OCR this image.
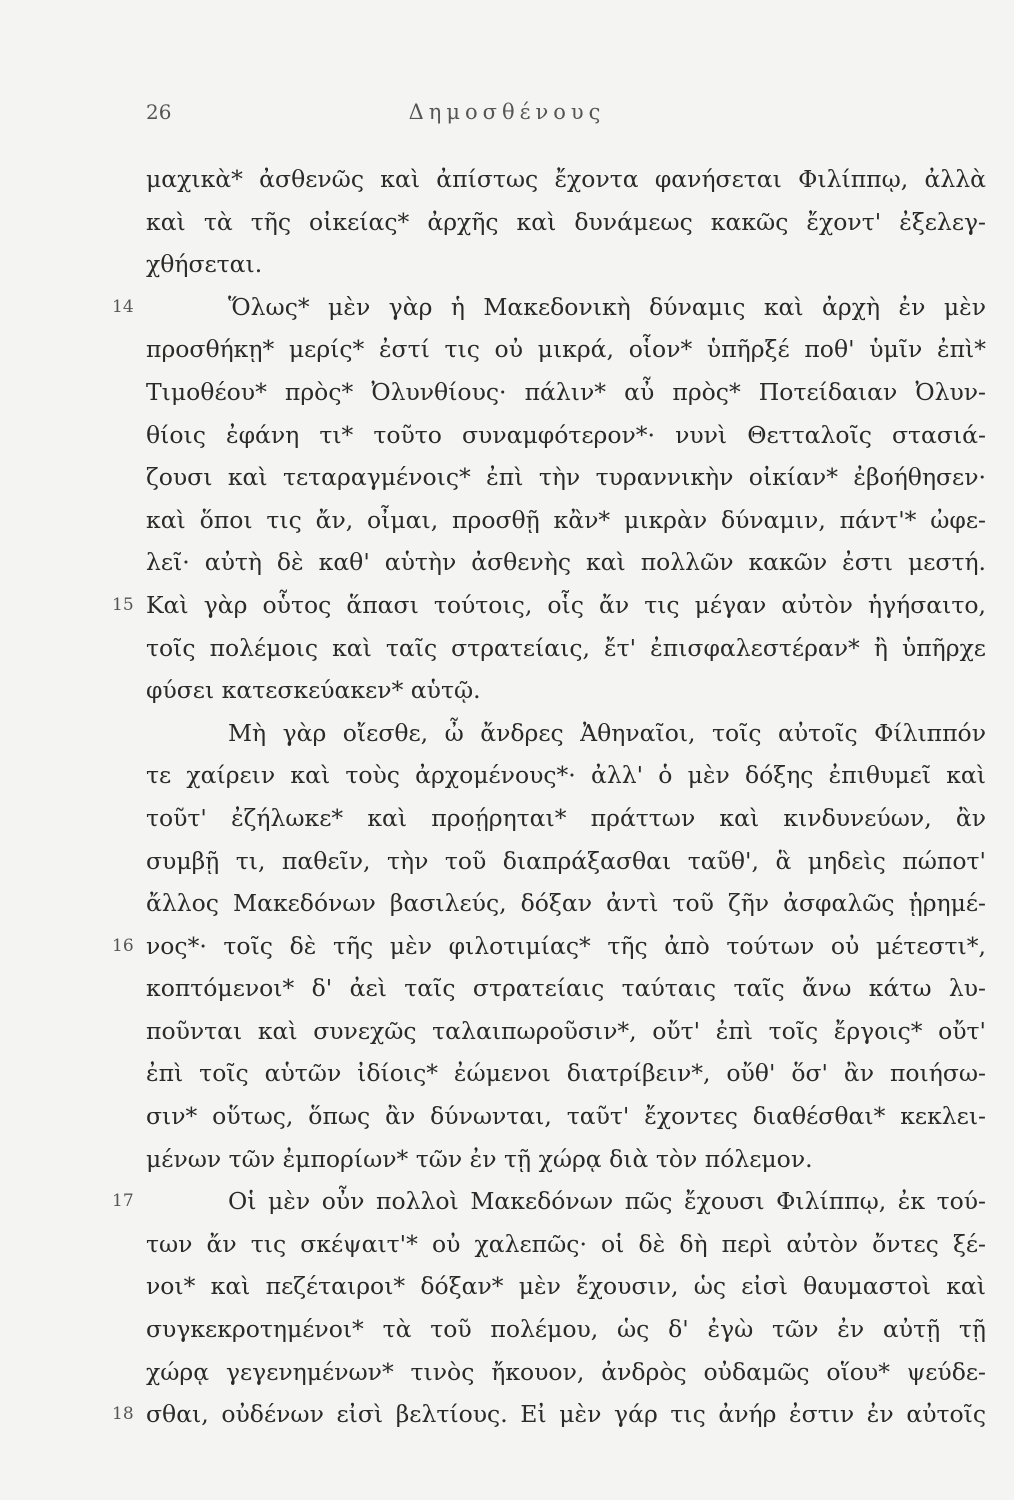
26	Δημοσθένους
μαχικὰ* ἀσθενῶς καὶ ἀπίστως ἔχοντα φανήσεται Φιλίππῳ, ἀλλὰ
καὶ τὰ τῆς οἰκείας* ἀρχῆς καὶ δυνάμεως κακῶς ἔχοντ' ἐξελεγ-
χθήσεται.
14	Ὅλως* μὲν γὰρ ἡ Μακεδονικὴ δύναμις καὶ ἀρχὴ ἐν μὲν
προσθήκῃ* μερίς* ἐστί τις οὐ μικρά, οἷον* ὑπῆρξέ ποθ' ὑμῖν ἐπὶ*
Τιμοθέου* πρὸς* Ὀλυνθίους· πάλιν* αὖ πρὸς* Ποτείδαιαν Ὀλυν-
θίοις ἐφάνη τι* τοῦτο συναμφότερον*· νυνὶ Θετταλοῖς στασιά-
ζουσι καὶ τεταραγμένοις* ἐπὶ τὴν τυραννικὴν οἰκίαν* ἐβοήθησεν·
καὶ ὅποι τις ἄν, οἶμαι, προσθῇ κἂν* μικρὰν δύναμιν, πάντ'* ὠφε-
λεῖ· αὐτὴ δὲ καθ' αὑτὴν ἀσθενὴς καὶ πολλῶν κακῶν ἐστι μεστή.
15 Καὶ γὰρ οὗτος ἅπασι τούτοις, οἷς ἄν τις μέγαν αὐτὸν ἡγήσαιτο,
τοῖς πολέμοις καὶ ταῖς στρατείαις, ἔτ' ἐπισφαλεστέραν* ἢ ὑπῆρχε
φύσει κατεσκεύακεν* αὑτῷ.
Μὴ γὰρ οἴεσθε, ὦ ἄνδρες Ἀθηναῖοι, τοῖς αὐτοῖς Φίλιππόν
τε χαίρειν καὶ τοὺς ἀρχομένους*· ἀλλ' ὁ μὲν δόξης ἐπιθυμεῖ καὶ
τοῦτ' ἐζήλωκε* καὶ προῄρηται* πράττων καὶ κινδυνεύων, ἂν
συμβῇ τι, παθεῖν, τὴν τοῦ διαπράξασθαι ταῦθ', ἃ μηδεὶς πώποτ'
ἄλλος Μακεδόνων βασιλεύς, δόξαν ἀντὶ τοῦ ζῆν ἀσφαλῶς ᾑρημέ-
16 νος*· τοῖς δὲ τῆς μὲν φιλοτιμίας* τῆς ἀπὸ τούτων οὐ μέτεστι*,
κοπτόμενοι* δ' ἀεὶ ταῖς στρατείαις ταύταις ταῖς ἄνω κάτω λυ-
ποῦνται καὶ συνεχῶς ταλαιπωροῦσιν*, οὔτ' ἐπὶ τοῖς ἔργοις* οὔτ'
ἐπὶ τοῖς αὑτῶν ἰδίοις* ἐώμενοι διατρίβειν*, οὔθ' ὅσ' ἂν ποιήσω-
σιν* οὕτως, ὅπως ἂν δύνωνται, ταῦτ' ἔχοντες διαθέσθαι* κεκλει-
μένων τῶν ἐμπορίων* τῶν ἐν τῇ χώρᾳ διὰ τὸν πόλεμον.
17	Οἱ μὲν οὖν πολλοὶ Μακεδόνων πῶς ἔχουσι Φιλίππῳ, ἐκ τού-
των ἄν τις σκέψαιτ'* οὐ χαλεπῶς· οἱ δὲ δὴ περὶ αὐτὸν ὄντες ξέ-
νοι* καὶ πεζέταιροι* δόξαν* μὲν ἔχουσιν, ὡς εἰσὶ θαυμαστοὶ καὶ
συγκεκροτημένοι* τὰ τοῦ πολέμου, ὡς δ' ἐγὼ τῶν ἐν αὐτῇ τῇ
χώρᾳ γεγενημένων* τινὸς ἤκουον, ἀνδρὸς οὐδαμῶς οἵου* ψεύδε-
18 σθαι, οὐδένων εἰσὶ βελτίους. Εἰ μὲν γάρ τις ἀνήρ ἐστιν ἐν αὐτοῖς
